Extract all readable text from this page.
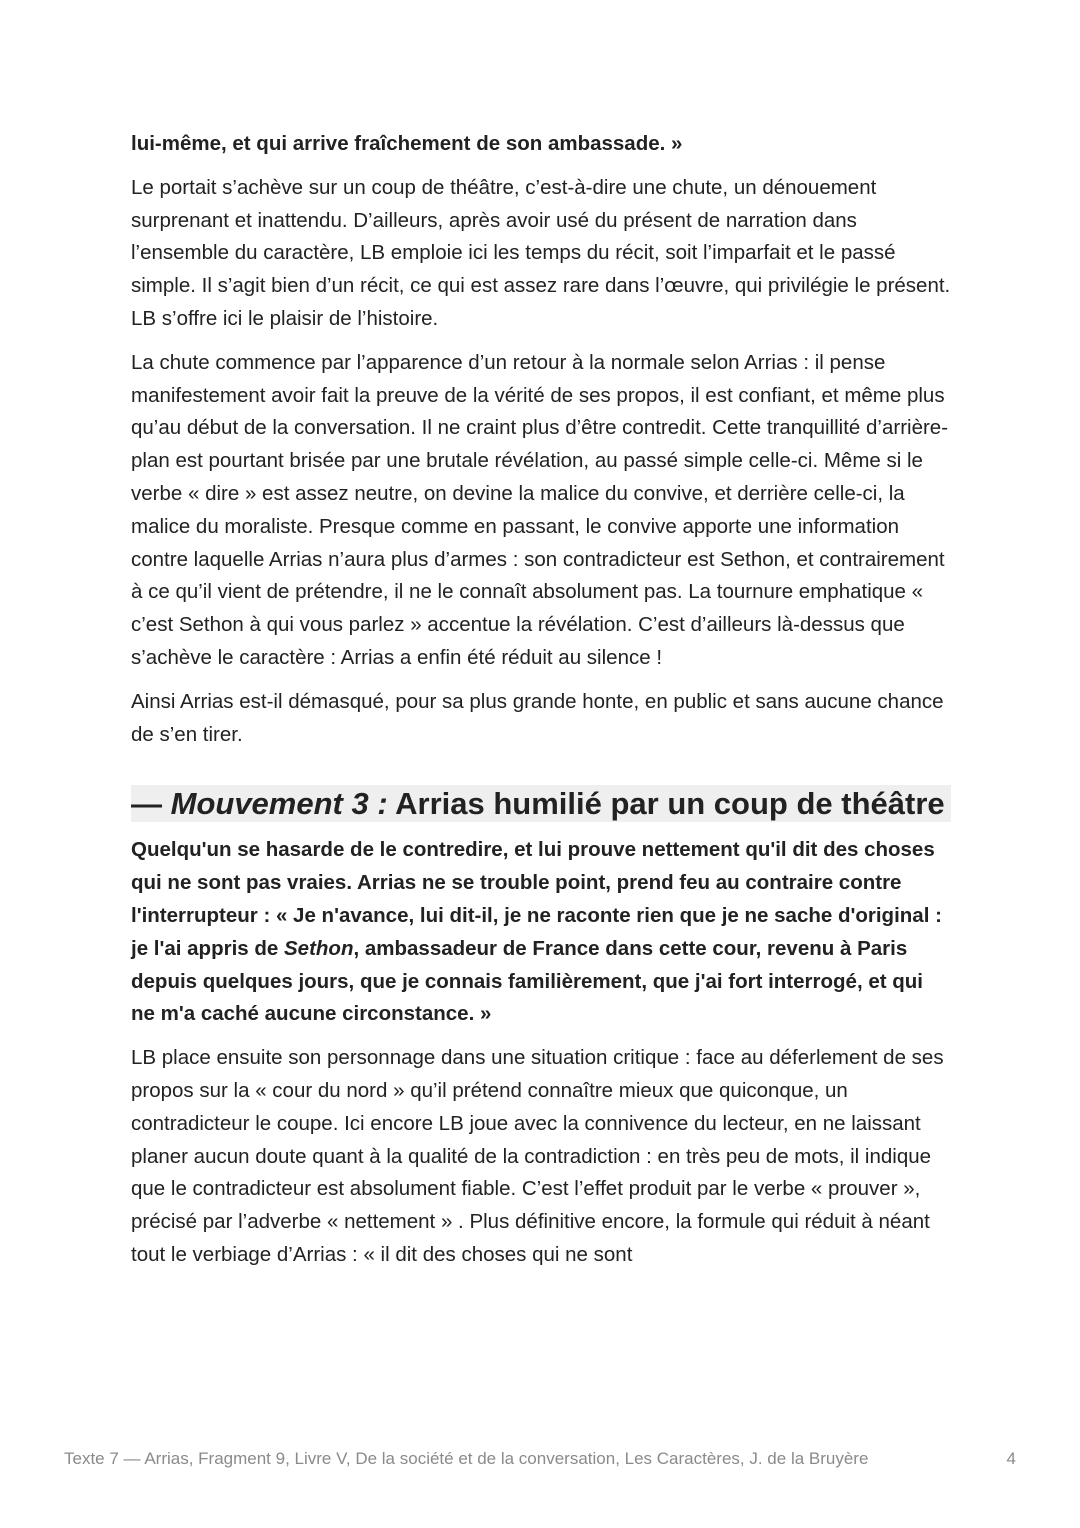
lui-même, et qui arrive fraîchement de son ambassade. »

Le portait s’achève sur un coup de théâtre, c’est-à-dire une chute, un dénouement surprenant et inattendu. D’ailleurs, après avoir usé du présent de narration dans l’ensemble du caractère, LB emploie ici les temps du récit, soit l’imparfait et le passé simple. Il s’agit bien d’un récit, ce qui est assez rare dans l’œuvre, qui privilégie le présent. LB s’offre ici le plaisir de l’histoire.

La chute commence par l’apparence d’un retour à la normale selon Arrias : il pense manifestement avoir fait la preuve de la vérité de ses propos, il est confiant, et même plus qu’au début de la conversation. Il ne craint plus d’être contredit. Cette tranquillité d’arrière-plan est pourtant brisée par une brutale révélation, au passé simple celle-ci. Même si le verbe « dire » est assez neutre, on devine la malice du convive, et derrière celle-ci, la malice du moraliste. Presque comme en passant, le convive apporte une information contre laquelle Arrias n’aura plus d’armes : son contradicteur est Sethon, et contrairement à ce qu’il vient de prétendre, il ne le connaît absolument pas. La tournure emphatique « c’est Sethon à qui vous parlez » accentue la révélation. C’est d’ailleurs là-dessus que s’achève le caractère : Arrias a enfin été réduit au silence !

Ainsi Arrias est-il démasqué, pour sa plus grande honte, en public et sans aucune chance de s’en tirer.

— Mouvement 3 : Arrias humilié par un coup de théâtre

Quelqu'un se hasarde de le contredire, et lui prouve nettement qu'il dit des choses qui ne sont pas vraies. Arrias ne se trouble point, prend feu au contraire contre l'interrupteur : « Je n'avance, lui dit-il, je ne raconte rien que je ne sache d'original : je l'ai appris de Sethon, ambassadeur de France dans cette cour, revenu à Paris depuis quelques jours, que je connais familièrement, que j'ai fort interrogé, et qui ne m'a caché aucune circonstance. »

LB place ensuite son personnage dans une situation critique : face au déferlement de ses propos sur la « cour du nord » qu’il prétend connaître mieux que quiconque, un contradicteur le coupe. Ici encore LB joue avec la connivence du lecteur, en ne laissant planer aucun doute quant à la qualité de la contradiction : en très peu de mots, il indique que le contradicteur est absolument fiable. C’est l’effet produit par le verbe « prouver », précisé par l’adverbe « nettement » . Plus définitive encore, la formule qui réduit à néant tout le verbiage d’Arrias : « il dit des choses qui ne sont

Texte 7 — Arrias, Fragment 9, Livre V, De la société et de la conversation, Les Caractères, J. de la Bruyère	4
